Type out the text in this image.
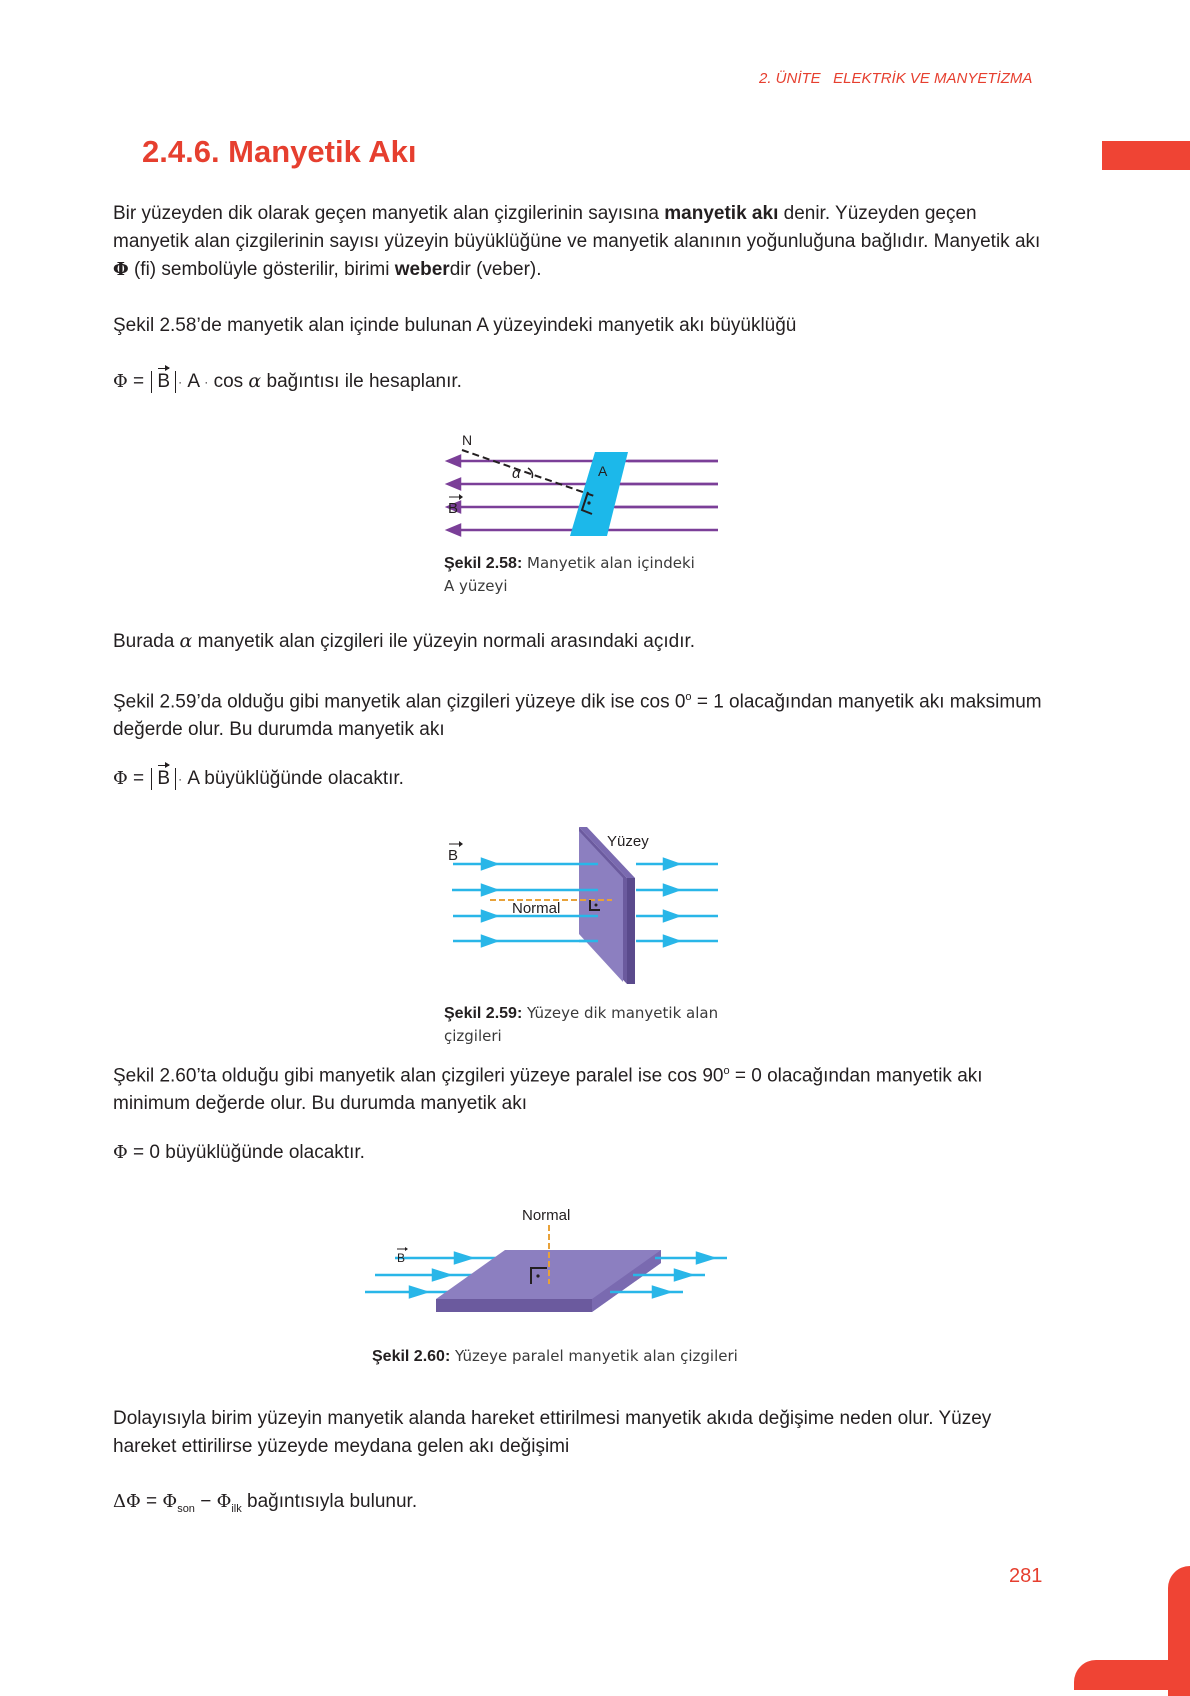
2. ÜNİTE   ELEKTRİK VE MANYETİZMA
2.4.6. Manyetik Akı

Bir yüzeyden dik olarak geçen manyetik alan çizgilerinin sayısına manyetik akı denir. Yüzeyden geçen manyetik alan çizgilerinin sayısı yüzeyin büyüklüğüne ve manyetik alanının yoğunluğuna bağlıdır. Manyetik akı Φ (fi) sembolüyle gösterilir, birimi weberdir (veber).

Şekil 2.58’de manyetik alan içinde bulunan A yüzeyindeki manyetik akı büyüklüğü

Φ = B · A · cos α bağıntısı ile hesaplanır.
N
A
α
B
Şekil 2.58: Manyetik alan içindeki
A yüzeyi

Burada α manyetik alan çizgileri ile yüzeyin normali arasındaki açıdır.

Şekil 2.59’da olduğu gibi manyetik alan çizgileri yüzeye dik ise $\cos 0^o = 1$ olacağından manyetik akı maksimum değerde olur. Bu durumda manyetik akı

Φ = B · A büyüklüğünde olacaktır.
Yüzey
Normal
B
Şekil 2.59: Yüzeye dik manyetik alan
çizgileri

Şekil 2.60’ta olduğu gibi manyetik alan çizgileri yüzeye paralel ise $\cos 90^o = 0$ olacağından manyetik akı minimum değerde olur. Bu durumda manyetik akı

Φ = 0 büyüklüğünde olacaktır.
Normal
B
Şekil 2.60: Yüzeye paralel manyetik alan çizgileri

Dolayısıyla birim yüzeyin manyetik alanda hareket ettirilmesi manyetik akıda değişime neden olur. Yüzey hareket ettirilirse yüzeyde meydana gelen akı değişimi

$\Delta\Phi = \Phi_{son} - \Phi_{ilk}$ bağıntısıyla bulunur.
281
